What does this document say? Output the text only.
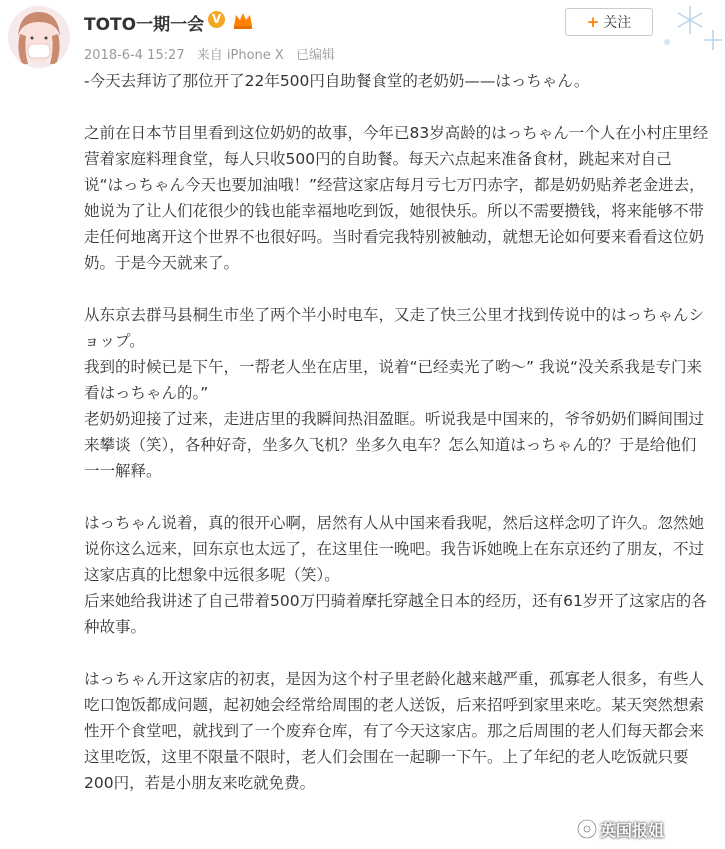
TOTO一期一会 V	+ 关注
2018-6-4 15:27 来自 iPhone X 已编辑

-今天去拜访了那位开了22年500円自助餐食堂的老奶奶——はっちゃん。

之前在日本节目里看到这位奶奶的故事，今年已83岁高龄的はっちゃん一个人在小村庄里经营着家庭料理食堂，每人只收500円的自助餐。每天六点起来准备食材，跳起来对自己说“はっちゃん今天也要加油哦！”经营这家店每月亏七万円赤字，都是奶奶贴养老金进去，她说为了让人们花很少的钱也能幸福地吃到饭，她很快乐。所以不需要攒钱，将来能够不带走任何地离开这个世界不也很好吗。当时看完我特别被触动，就想无论如何要来看看这位奶奶。于是今天就来了。

从东京去群马县桐生市坐了两个半小时电车，又走了快三公里才找到传说中的はっちゃんショップ。

我到的时候已是下午，一帮老人坐在店里，说着“已经卖光了哟～” 我说“没关系我是专门来看はっちゃん的。”

老奶奶迎接了过来，走进店里的我瞬间热泪盈眶。听说我是中国来的，爷爷奶奶们瞬间围过来攀谈（笑），各种好奇，坐多久飞机？坐多久电车？怎么知道はっちゃん的？于是给他们一一解释。

はっちゃん说着，真的很开心啊，居然有人从中国来看我呢，然后这样念叨了许久。忽然她说你这么远来，回东京也太远了，在这里住一晚吧。我告诉她晚上在东京还约了朋友，不过这家店真的比想象中远很多呢（笑）。

后来她给我讲述了自己带着500万円骑着摩托穿越全日本的经历，还有61岁开了这家店的各种故事。

はっちゃん开这家店的初衷，是因为这个村子里老龄化越来越严重，孤寡老人很多，有些人吃口饱饭都成问题，起初她会经常给周围的老人送饭，后来招呼到家里来吃。某天突然想索性开个食堂吧，就找到了一个废弃仓库，有了今天这家店。那之后周围的老人们每天都会来这里吃饭，这里不限量不限时，老人们会围在一起聊一下午。上了年纪的老人吃饭就只要200円，若是小朋友来吃就免费。

英国报姐
